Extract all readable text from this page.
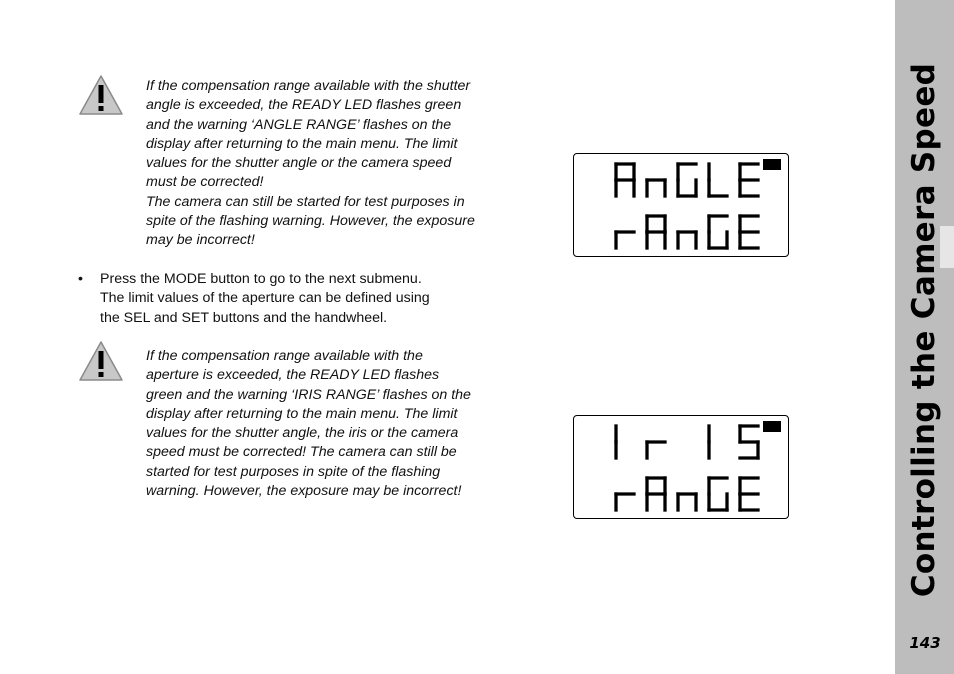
If the compensation range available with the shutter angle is exceeded, the READY LED flashes green and the warning ‘ANGLE RANGE’ flashes on the display after returning to the main menu. The limit values for the shutter angle or the camera speed must be corrected!

The camera can still be started for test purposes in spite of the flashing warning. However, the exposure may be incorrect!

• Press the MODE button to go to the next submenu.
The limit values of the aperture can be defined using
the SEL and SET buttons and the handwheel.

If the compensation range available with the aperture is exceeded, the READY LED flashes green and the warning ‘IRIS RANGE’ flashes on the display after returning to the main menu. The limit values for the shutter angle, the iris or the camera speed must be corrected! The camera can still be started for test purposes in spite of the flashing warning. However, the exposure may be incorrect!	Controlling the Camera Speed
143
